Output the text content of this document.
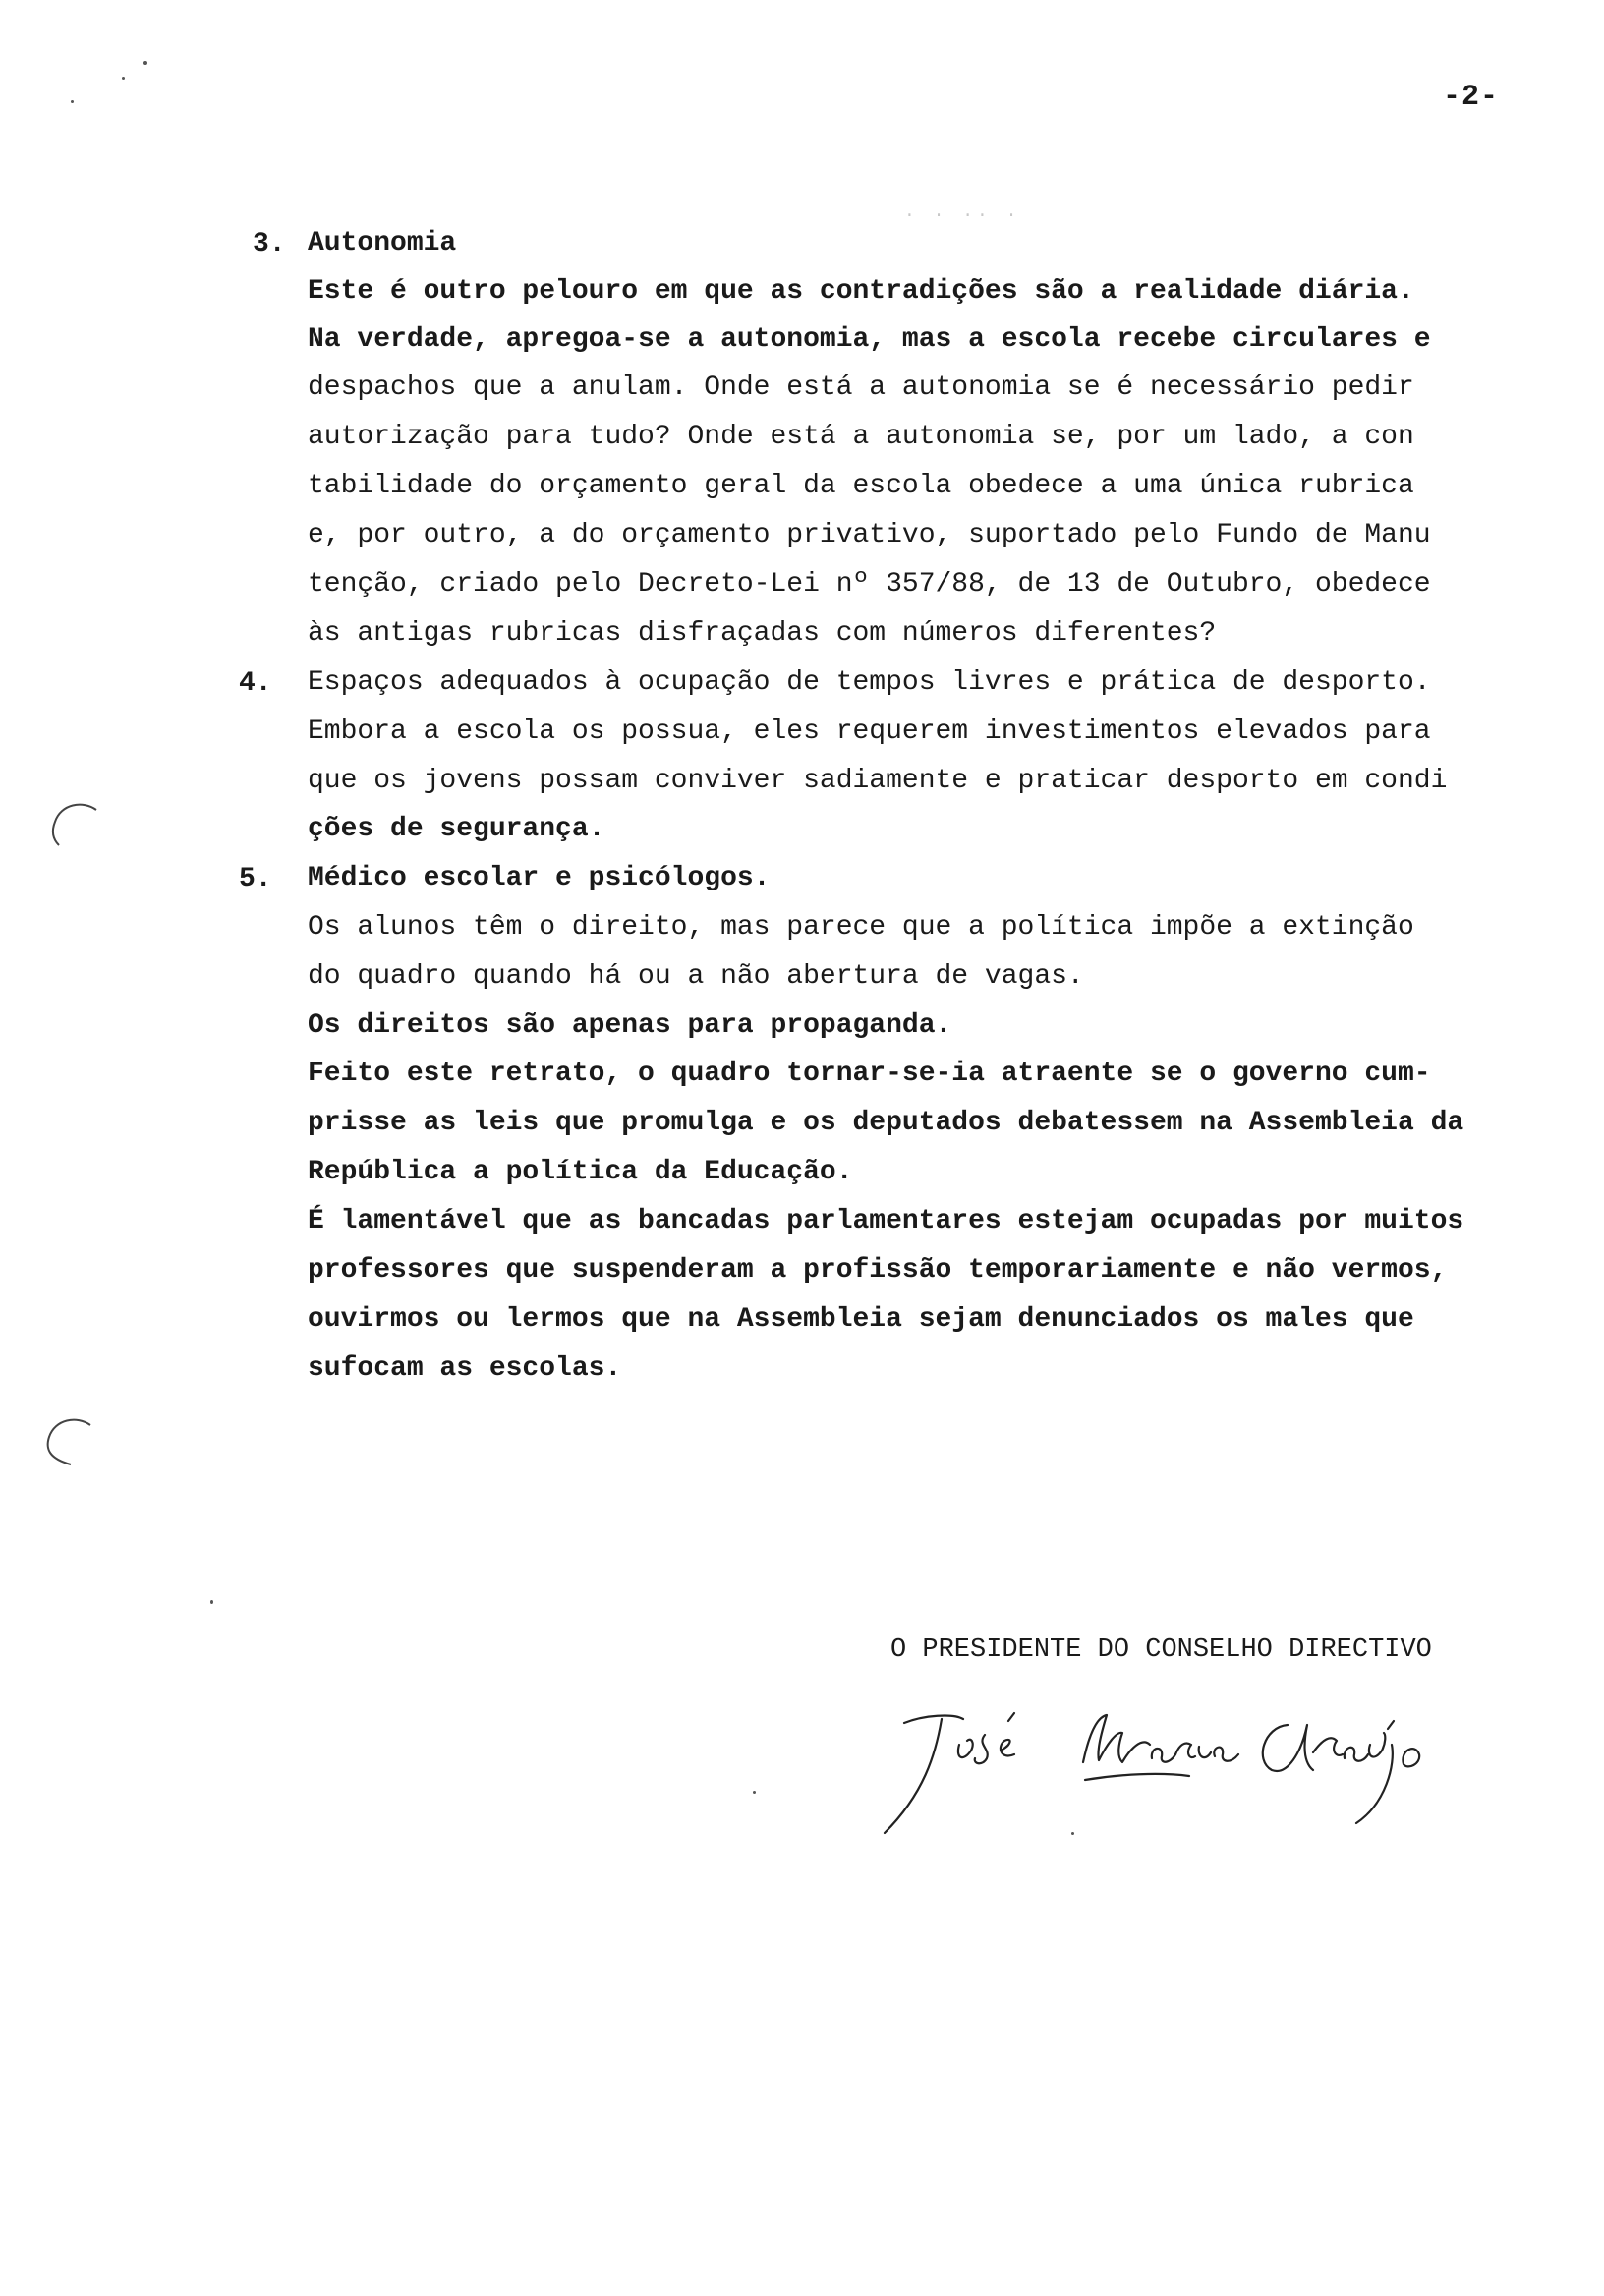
-2-
· · ·· ·
3. Autonomia
Este é outro pelouro em que as contradições são a realidade diária.
Na verdade, apregoa-se a autonomia, mas a escola recebe circulares e
despachos que a anulam. Onde está a autonomia se é necessário pedir
autorização para tudo? Onde está a autonomia se, por um lado, a con
tabilidade do orçamento geral da escola obedece a uma única rubrica
e, por outro, a do orçamento privativo, suportado pelo Fundo de Manu
tenção, criado pelo Decreto-Lei nº 357/88, de 13 de Outubro, obedece
às antigas rubricas disfraçadas com números diferentes?
4. Espaços adequados à ocupação de tempos livres e prática de desporto.
Embora a escola os possua, eles requerem investimentos elevados para
que os jovens possam conviver sadiamente e praticar desporto em condi
ções de segurança.
5. Médico escolar e psicólogos.
Os alunos têm o direito, mas parece que a política impõe a extinção
do quadro quando há ou a não abertura de vagas.
Os direitos são apenas para propaganda.
Feito este retrato, o quadro tornar-se-ia atraente se o governo cum-
prisse as leis que promulga e os deputados debatessem na Assembleia da
República a política da Educação.
É lamentável que as bancadas parlamentares estejam ocupadas por muitos
professores que suspenderam a profissão temporariamente e não vermos,
ouvirmos ou lermos que na Assembleia sejam denunciados os males que
sufocam as escolas.
O PRESIDENTE DO CONSELHO DIRECTIVO
